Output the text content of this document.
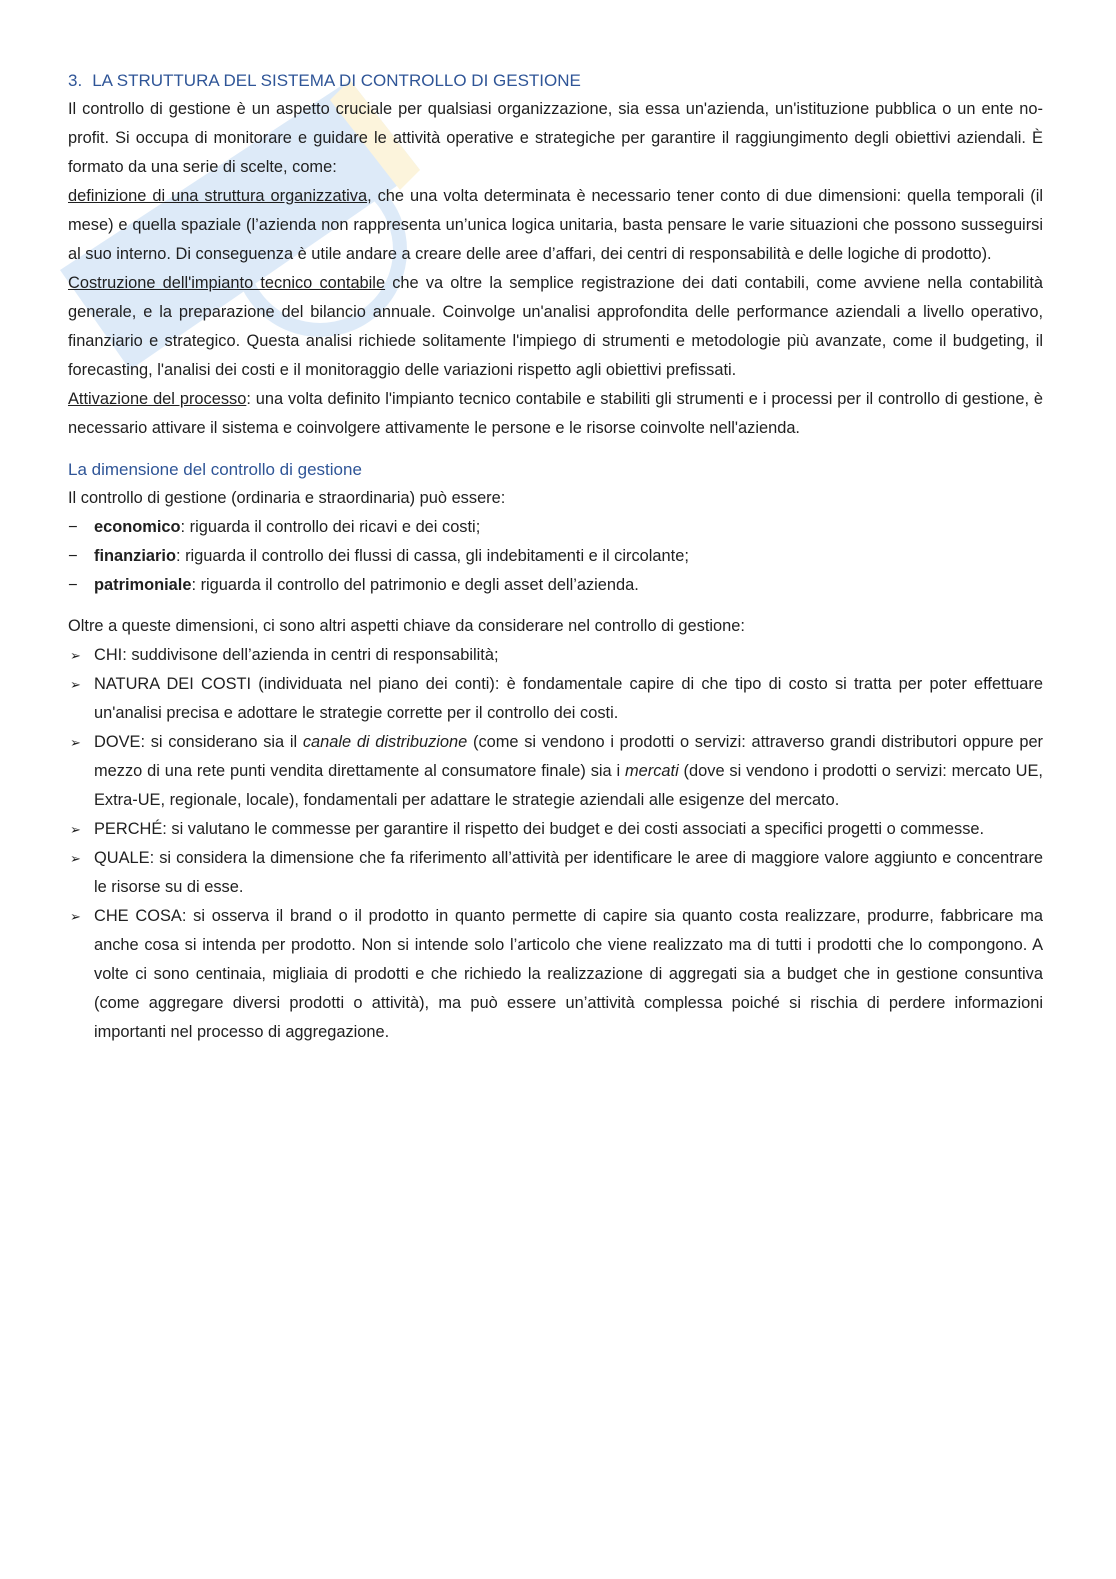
3. LA STRUTTURA DEL SISTEMA DI CONTROLLO DI GESTIONE

Il controllo di gestione è un aspetto cruciale per qualsiasi organizzazione, sia essa un'azienda, un'istituzione pubblica o un ente no-profit. Si occupa di monitorare e guidare le attività operative e strategiche per garantire il raggiungimento degli obiettivi aziendali. È formato da una serie di scelte, come:

definizione di una struttura organizzativa, che una volta determinata è necessario tener conto di due dimensioni: quella temporali (il mese) e quella spaziale (l’azienda non rappresenta un’unica logica unitaria, basta pensare le varie situazioni che possono susseguirsi al suo interno. Di conseguenza è utile andare a creare delle aree d’affari, dei centri di responsabilità e delle logiche di prodotto).

Costruzione dell'impianto tecnico contabile che va oltre la semplice registrazione dei dati contabili, come avviene nella contabilità generale, e la preparazione del bilancio annuale. Coinvolge un'analisi approfondita delle performance aziendali a livello operativo, finanziario e strategico. Questa analisi richiede solitamente l'impiego di strumenti e metodologie più avanzate, come il budgeting, il forecasting, l'analisi dei costi e il monitoraggio delle variazioni rispetto agli obiettivi prefissati.

Attivazione del processo: una volta definito l'impianto tecnico contabile e stabiliti gli strumenti e i processi per il controllo di gestione, è necessario attivare il sistema e coinvolgere attivamente le persone e le risorse coinvolte nell'azienda.

La dimensione del controllo di gestione

Il controllo di gestione (ordinaria e straordinaria) può essere:

− economico: riguarda il controllo dei ricavi e dei costi;
− finanziario: riguarda il controllo dei flussi di cassa, gli indebitamenti e il circolante;
− patrimoniale: riguarda il controllo del patrimonio e degli asset dell’azienda.

Oltre a queste dimensioni, ci sono altri aspetti chiave da considerare nel controllo di gestione:

➢ CHI: suddivisone dell’azienda in centri di responsabilità;
➢ NATURA DEI COSTI (individuata nel piano dei conti): è fondamentale capire di che tipo di costo si tratta per poter effettuare un'analisi precisa e adottare le strategie corrette per il controllo dei costi.
➢ DOVE: si considerano sia il canale di distribuzione (come si vendono i prodotti o servizi: attraverso grandi distributori oppure per mezzo di una rete punti vendita direttamente al consumatore finale) sia i mercati (dove si vendono i prodotti o servizi: mercato UE, Extra-UE, regionale, locale), fondamentali per adattare le strategie aziendali alle esigenze del mercato.
➢ PERCHÉ: si valutano le commesse per garantire il rispetto dei budget e dei costi associati a specifici progetti o commesse.
➢ QUALE: si considera la dimensione che fa riferimento all’attività per identificare le aree di maggiore valore aggiunto e concentrare le risorse su di esse.
➢ CHE COSA: si osserva il brand o il prodotto in quanto permette di capire sia quanto costa realizzare, produrre, fabbricare ma anche cosa si intenda per prodotto. Non si intende solo l’articolo che viene realizzato ma di tutti i prodotti che lo compongono. A volte ci sono centinaia, migliaia di prodotti e che richiedo la realizzazione di aggregati sia a budget che in gestione consuntiva (come aggregare diversi prodotti o attività), ma può essere un’attività complessa poiché si rischia di perdere informazioni importanti nel processo di aggregazione.
